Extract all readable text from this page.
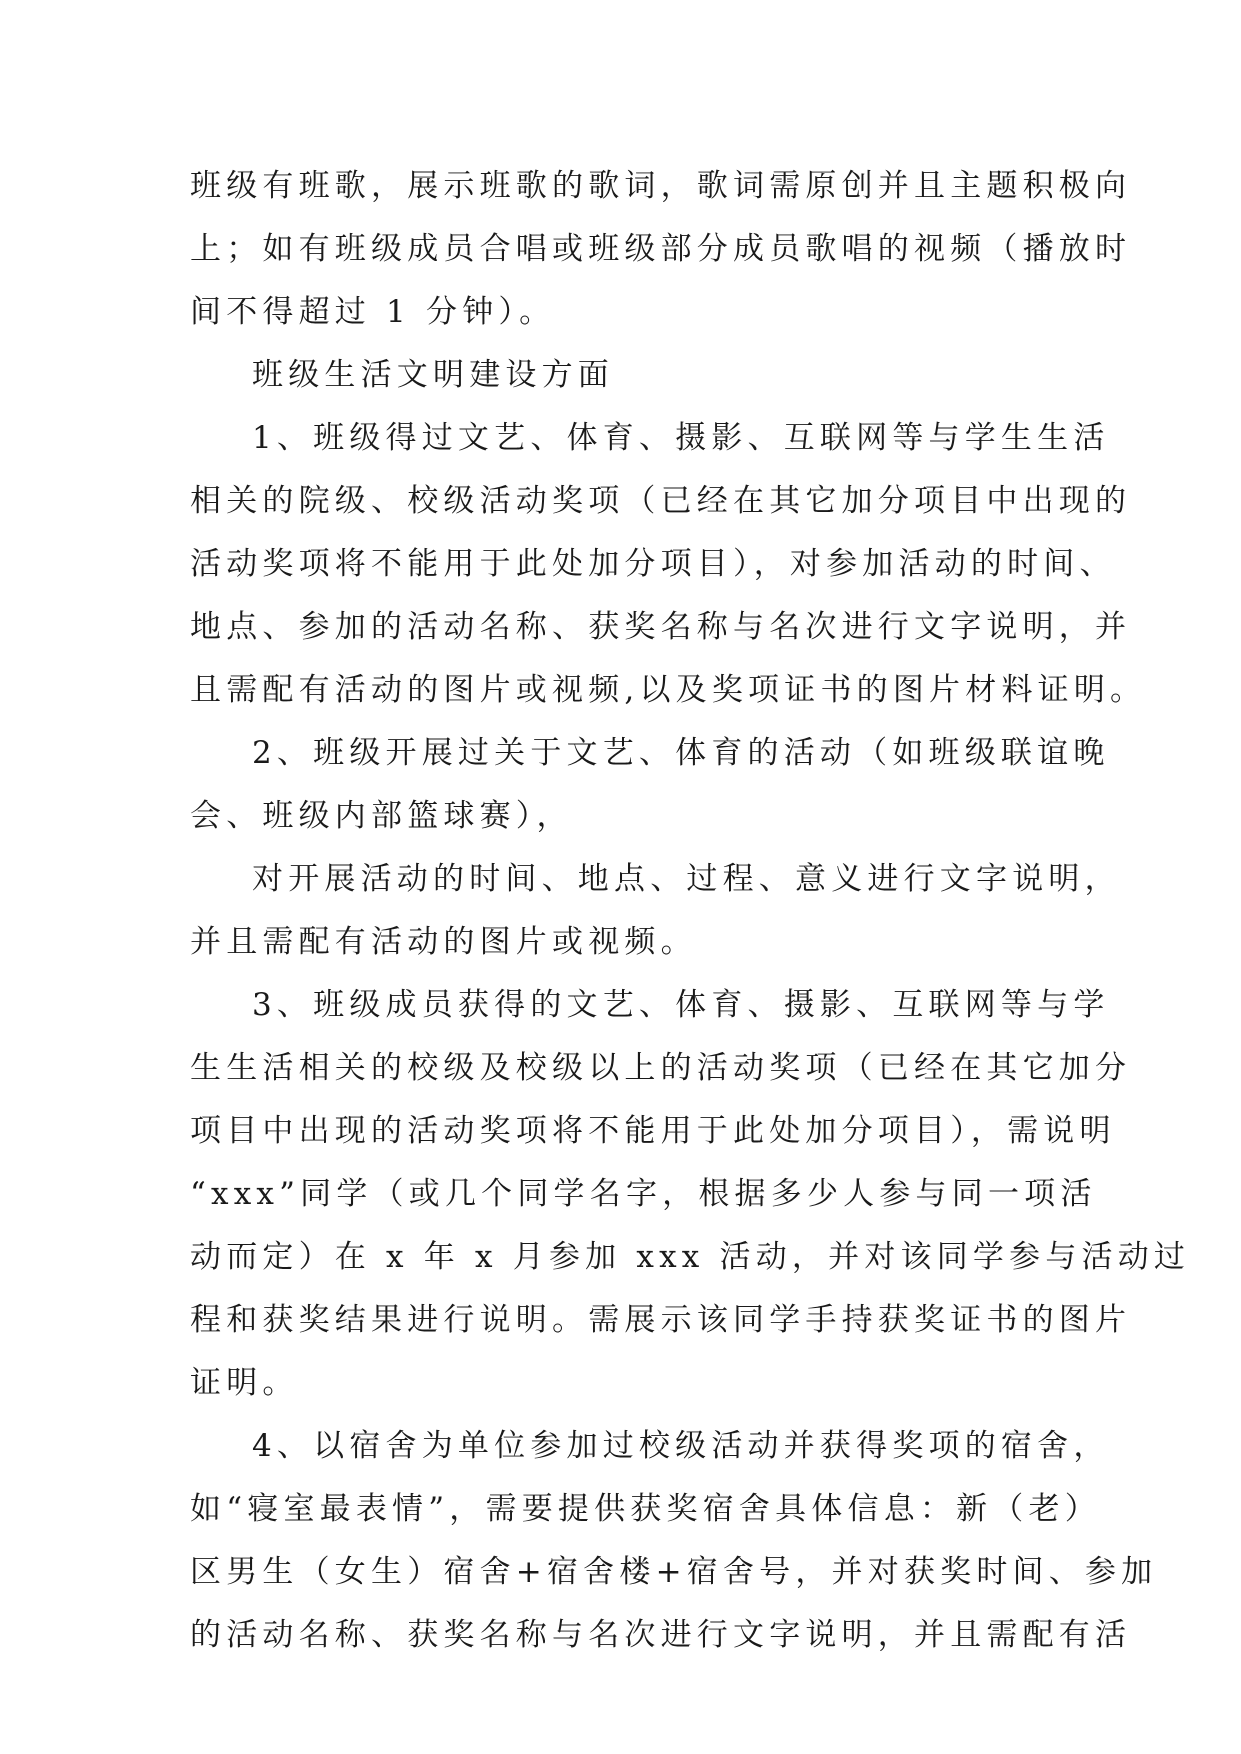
班级有班歌，展示班歌的歌词，歌词需原创并且主题积极向
上；如有班级成员合唱或班级部分成员歌唱的视频（播放时
间不得超过 1 分钟）。
班级生活文明建设方面
1、班级得过文艺、体育、摄影、互联网等与学生生活
相关的院级、校级活动奖项（已经在其它加分项目中出现的
活动奖项将不能用于此处加分项目），对参加活动的时间、
地点、参加的活动名称、获奖名称与名次进行文字说明，并
且需配有活动的图片或视频,以及奖项证书的图片材料证明。
2、班级开展过关于文艺、体育的活动（如班级联谊晚
会、班级内部篮球赛），
对开展活动的时间、地点、过程、意义进行文字说明，
并且需配有活动的图片或视频。
3、班级成员获得的文艺、体育、摄影、互联网等与学
生生活相关的校级及校级以上的活动奖项（已经在其它加分
项目中出现的活动奖项将不能用于此处加分项目），需说明
“xxx”同学（或几个同学名字，根据多少人参与同一项活
动而定）在 x 年 x 月参加 xxx 活动，并对该同学参与活动过
程和获奖结果进行说明。需展示该同学手持获奖证书的图片
证明。
4、以宿舍为单位参加过校级活动并获得奖项的宿舍，
如“寝室最表情”，需要提供获奖宿舍具体信息：新（老）
区男生（女生）宿舍+宿舍楼+宿舍号，并对获奖时间、参加
的活动名称、获奖名称与名次进行文字说明，并且需配有活
